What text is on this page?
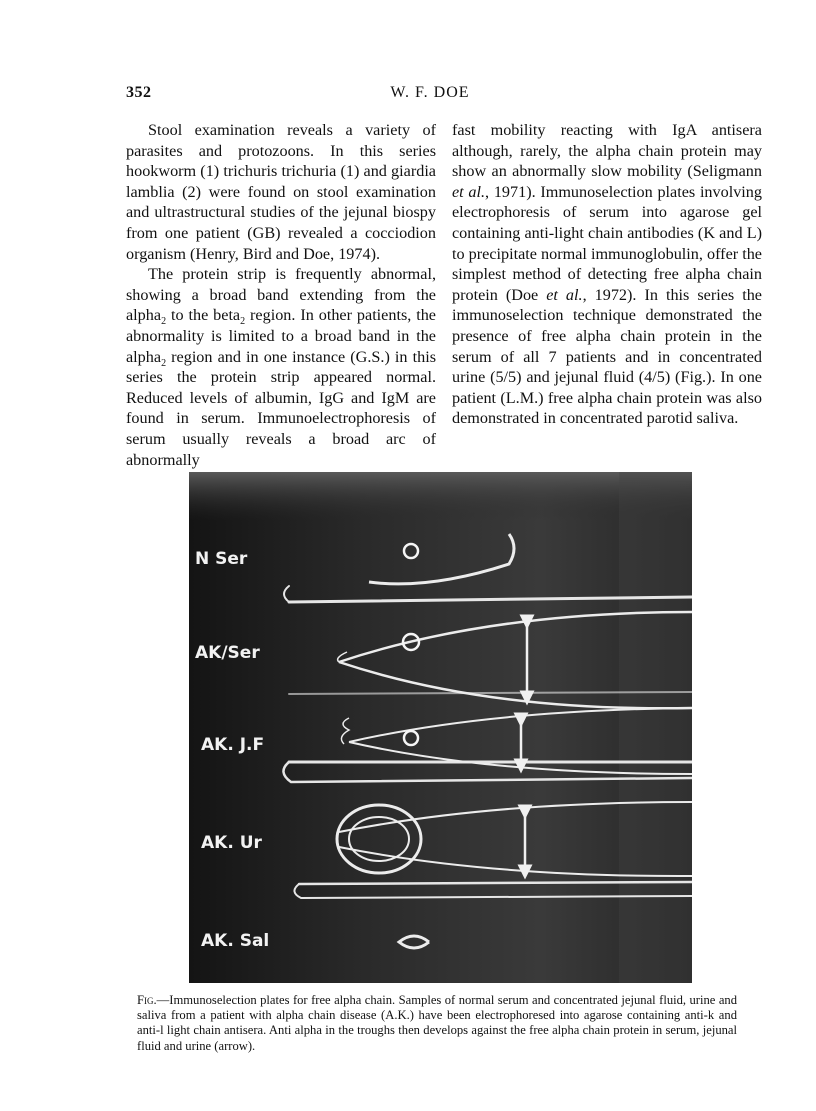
352	W. F. DOE

Stool examination reveals a variety of parasites and protozoons. In this series hookworm (1) trichuris trichuria (1) and giardia lamblia (2) were found on stool examination and ultrastructural studies of the jejunal biospy from one patient (GB) revealed a cocciodion organism (Henry, Bird and Doe, 1974).

The protein strip is frequently abnormal, showing a broad band extending from the alpha$_2$ to the beta$_2$ region. In other patients, the abnormality is limited to a broad band in the alpha$_2$ region and in one instance (G.S.) in this series the protein strip appeared normal. Reduced levels of albumin, IgG and IgM are found in serum. Immunoelectrophoresis of serum usually reveals a broad arc of abnormally

fast mobility reacting with IgA antisera although, rarely, the alpha chain protein may show an abnormally slow mobility (Seligmann et al., 1971). Immunoselection plates involving electrophoresis of serum into agarose gel containing anti-light chain antibodies (K and L) to precipitate normal immunoglobulin, offer the simplest method of detecting free alpha chain protein (Doe et al., 1972). In this series the immunoselection technique demonstrated the presence of free alpha chain protein in the serum of all 7 patients and in concentrated urine (5/5) and jejunal fluid (4/5) (Fig.). In one patient (L.M.) free alpha chain protein was also demonstrated in concentrated parotid saliva.

N Ser
AK/Ser
AK. J.F
AK. Ur
AK. Sal
Fig.—Immunoselection plates for free alpha chain. Samples of normal serum and concentrated jejunal fluid, urine and saliva from a patient with alpha chain disease (A.K.) have been electrophoresed into agarose containing anti-k and anti-l light chain antisera. Anti alpha in the troughs then develops against the free alpha chain protein in serum, jejunal fluid and urine (arrow).
